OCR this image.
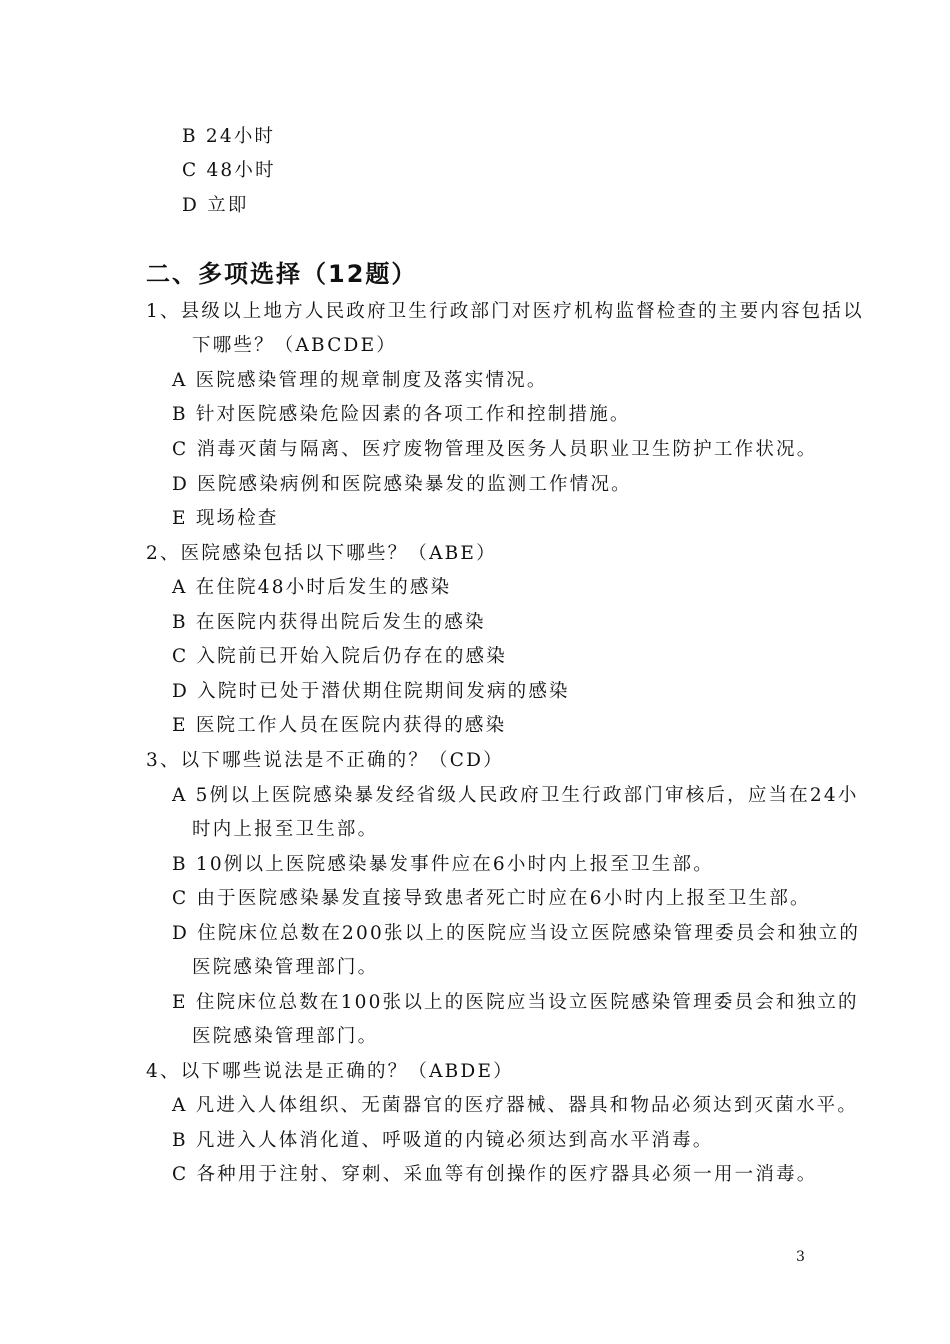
B 24小时
C 48小时
D 立即
二、多项选择（12题）
1、县级以上地方人民政府卫生行政部门对医疗机构监督检查的主要内容包括以
下哪些？（ABCDE）
A 医院感染管理的规章制度及落实情况。
B 针对医院感染危险因素的各项工作和控制措施。
C 消毒灭菌与隔离、医疗废物管理及医务人员职业卫生防护工作状况。
D 医院感染病例和医院感染暴发的监测工作情况。
E 现场检查
2、医院感染包括以下哪些？（ABE）
A 在住院48小时后发生的感染
B 在医院内获得出院后发生的感染
C 入院前已开始入院后仍存在的感染
D 入院时已处于潜伏期住院期间发病的感染
E 医院工作人员在医院内获得的感染
3、以下哪些说法是不正确的？（CD）
A 5例以上医院感染暴发经省级人民政府卫生行政部门审核后，应当在24小
时内上报至卫生部。
B 10例以上医院感染暴发事件应在6小时内上报至卫生部。
C 由于医院感染暴发直接导致患者死亡时应在6小时内上报至卫生部。
D 住院床位总数在200张以上的医院应当设立医院感染管理委员会和独立的
医院感染管理部门。
E 住院床位总数在100张以上的医院应当设立医院感染管理委员会和独立的
医院感染管理部门。
4、以下哪些说法是正确的？（ABDE）
A 凡进入人体组织、无菌器官的医疗器械、器具和物品必须达到灭菌水平。
B 凡进入人体消化道、呼吸道的内镜必须达到高水平消毒。
C 各种用于注射、穿刺、采血等有创操作的医疗器具必须一用一消毒。
3
